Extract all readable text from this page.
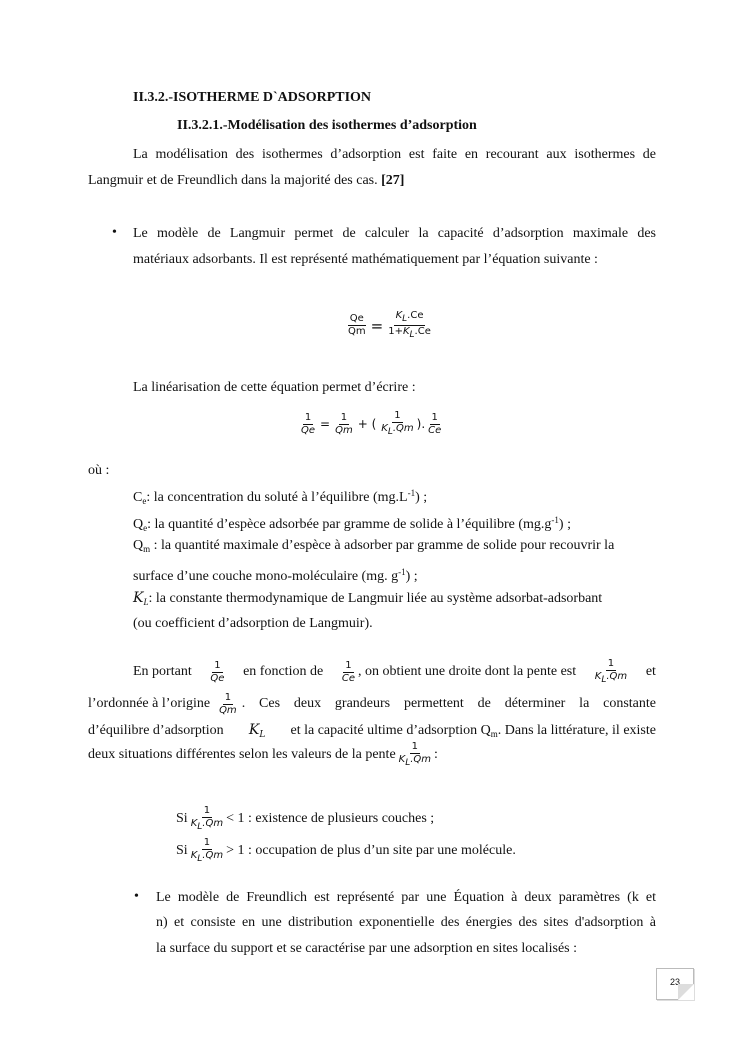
II.3.2.-ISOTHERME D`ADSORPTION
II.3.2.1.-Modélisation des isothermes d’adsorption
La modélisation des isothermes d’adsorption est faite en recourant aux isothermes de
Langmuir et de Freundlich dans la majorité des cas. [27]
• Le modèle de Langmuir permet de calculer la capacité d’adsorption maximale des
matériaux adsorbants. Il est représenté mathématiquement par l’équation suivante :
$\frac{Qe}{Qm} = \frac{KL.Ce}{1+KL.Ce}$
La linéarisation de cette équation permet d’écrire :
$\frac{1}{Qe} = \frac{1}{Qm}$ + ( $\frac{1}{KL.Qm}$ ). $\frac{1}{Ce}$
où :
$C_e$: la concentration du soluté à l’équilibre $(mg.L^{-1})$ ;
$Q_e$: la quantité d’espèce adsorbée par gramme de solide à l’équilibre $(mg.g^{-1})$ ;
$Q_m$ : la quantité maximale d’espèce à adsorber par gramme de solide pour recouvrir la
surface d’une couche mono-moléculaire (mg. $g^{-1}$) ;
$K_L$: la constante thermodynamique de Langmuir liée au système adsorbat-adsorbant
(ou coefficient d’adsorption de Langmuir).
En portant $\frac{1}{Qe}$ en fonction de $\frac{1}{Ce}$ , on obtient une droite dont la pente est $\frac{1}{KL.Qm}$ et
l’ordonnée à l’origine $\frac{1}{Qm}$ . Ces deux grandeurs permettent de déterminer la constante
d’équilibre d’adsorption $K_L$ et la capacité ultime d’adsorption $Q_m$. Dans la littérature, il existe
deux situations différentes selon les valeurs de la pente $\frac{1}{KL.Qm}$ :
Si $\frac{1}{KL.Qm} < 1$ : existence de plusieurs couches ;
Si $\frac{1}{KL.Qm} > 1$ : occupation de plus d’un site par une molécule.
• Le modèle de Freundlich est représenté par une Équation à deux paramètres (k et
n) et consiste en une distribution exponentielle des énergies des sites d'adsorption à
la surface du support et se caractérise par une adsorption en sites localisés :
23
